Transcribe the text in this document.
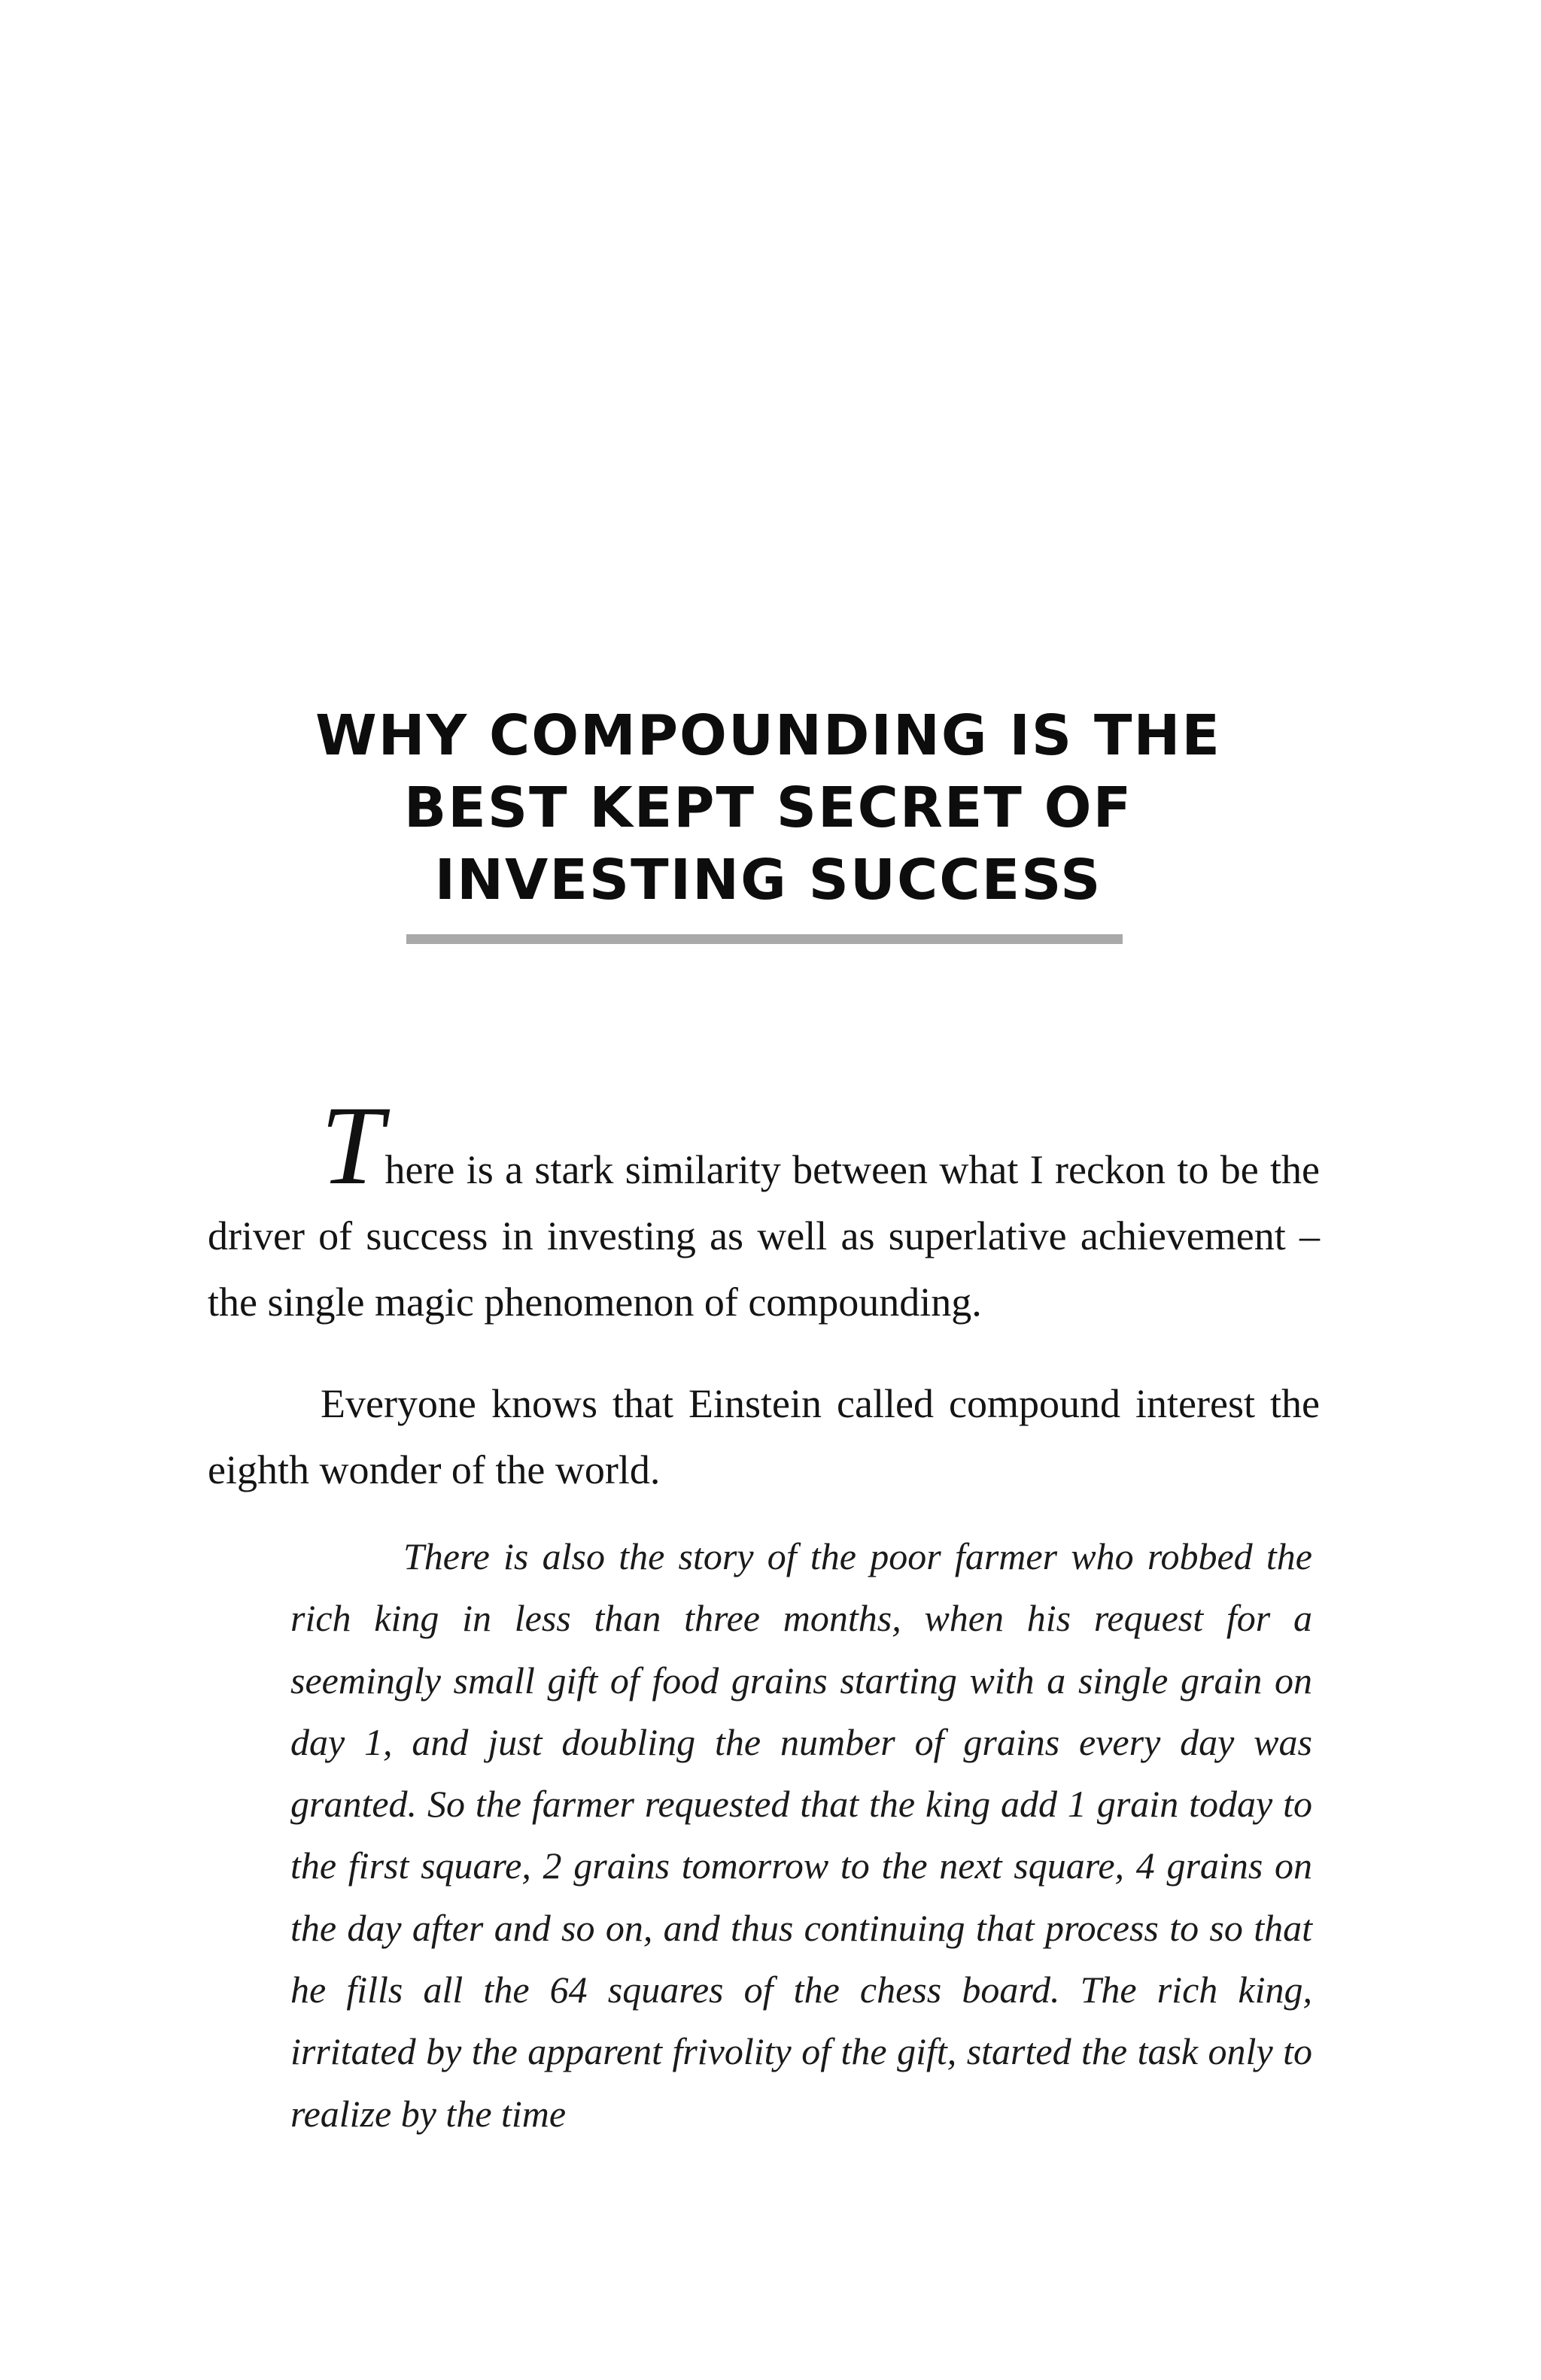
WHY COMPOUNDING IS THE
BEST KEPT SECRET OF
INVESTING SUCCESS

There is a stark similarity between what I reckon to be the driver of success in investing as well as superlative achievement – the single magic phenomenon of compounding.

Everyone knows that Einstein called compound interest the eighth wonder of the world.

There is also the story of the poor farmer who robbed the rich king in less than three months, when his request for a seemingly small gift of food grains starting with a single grain on day 1, and just doubling the number of grains every day was granted. So the farmer requested that the king add 1 grain today to the first square, 2 grains tomorrow to the next square, 4 grains on the day after and so on, and thus continuing that process to so that he fills all the 64 squares of the chess board. The rich king, irritated by the apparent frivolity of the gift, started the task only to realize by the time
